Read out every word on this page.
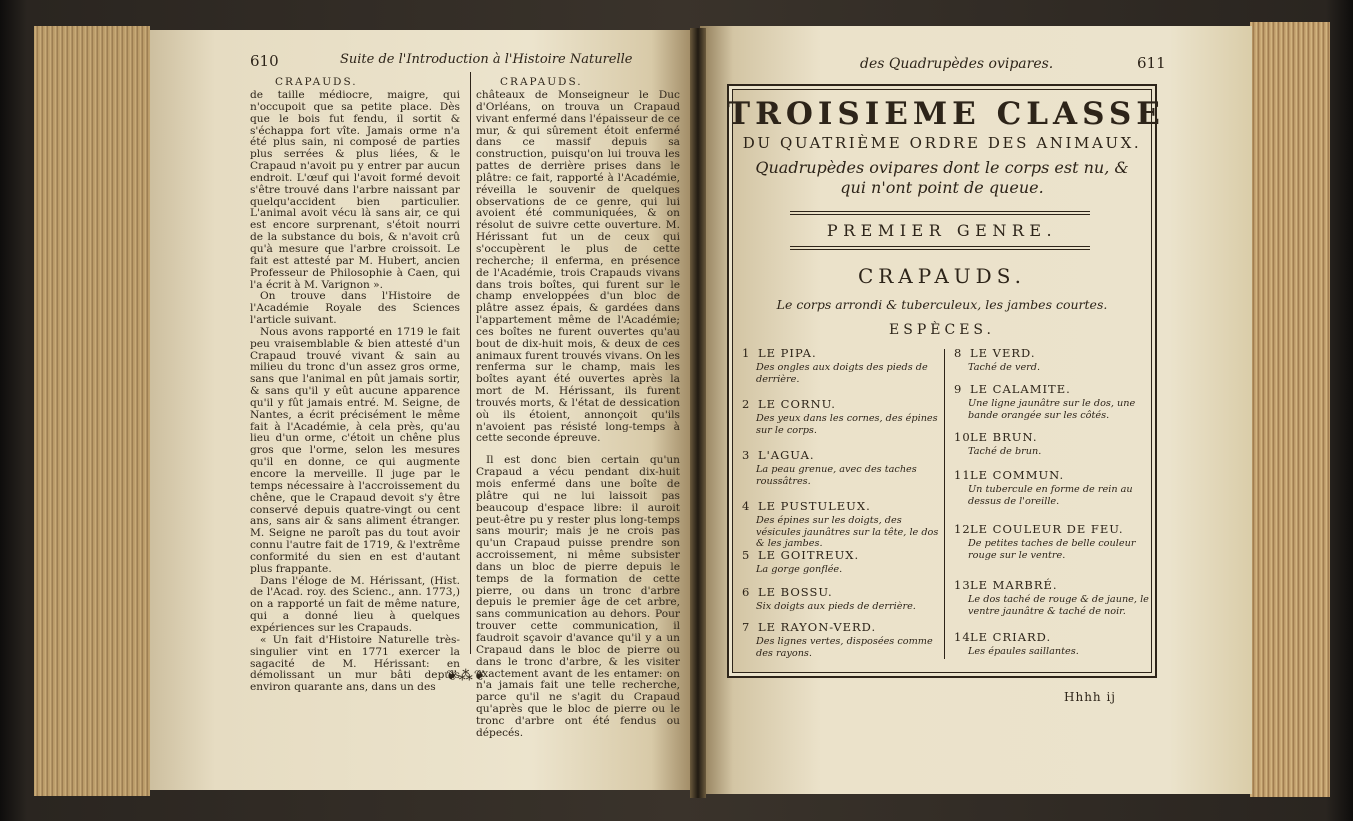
610	Suite de l'Introduction à l'Histoire Naturelle
CRAPAUDS.	CRAPAUDS.

de taille médiocre, maigre, qui n'occupoit que sa petite place. Dès que le bois fut fendu, il sortit & s'échappa fort vîte. Jamais orme n'a été plus sain, ni composé de parties plus serrées & plus liées, & le Crapaud n'avoit pu y entrer par aucun endroit. L'œuf qui l'avoit formé devoit s'être trouvé dans l'arbre naissant par quelqu'accident bien particulier. L'animal avoit vécu là sans air, ce qui est encore surprenant, s'étoit nourri de la substance du bois, & n'avoit crû qu'à mesure que l'arbre croissoit. Le fait est attesté par M. Hubert, ancien Professeur de Philosophie à Caen, qui l'a écrit à M. Varignon ».

On trouve dans l'Histoire de l'Académie Royale des Sciences l'article suivant.

Nous avons rapporté en 1719 le fait peu vraisemblable & bien attesté d'un Crapaud trouvé vivant & sain au milieu du tronc d'un assez gros orme, sans que l'animal en pût jamais sortir, & sans qu'il y eût aucune apparence qu'il y fût jamais entré. M. Seigne, de Nantes, a écrit précisément le même fait à l'Académie, à cela près, qu'au lieu d'un orme, c'étoit un chêne plus gros que l'orme, selon les mesures qu'il en donne, ce qui augmente encore la merveille. Il juge par le temps nécessaire à l'accroissement du chêne, que le Crapaud devoit s'y être conservé depuis quatre-vingt ou cent ans, sans air & sans aliment étranger. M. Seigne ne paroît pas du tout avoir connu l'autre fait de 1719, & l'extrême conformité du sien en est d'autant plus frappante.

Dans l'éloge de M. Hérissant, (Hist. de l'Acad. roy. des Scienc., ann. 1773,) on a rapporté un fait de même nature, qui a donné lieu à quelques expériences sur les Crapauds.

« Un fait d'Histoire Naturelle très-singulier vint en 1771 exercer la sagacité de M. Hérissant: en démolissant un mur bâti depuis environ quarante ans, dans un des

châteaux de Monseigneur le Duc d'Orléans, on trouva un Crapaud vivant enfermé dans l'épaisseur de ce mur, & qui sûrement étoit enfermé dans ce massif depuis sa construction, puisqu'on lui trouva les pattes de derrière prises dans le plâtre: ce fait, rapporté à l'Académie, réveilla le souvenir de quelques observations de ce genre, qui lui avoient été communiquées, & on résolut de suivre cette ouverture. M. Hérissant fut un de ceux qui s'occupèrent le plus de cette recherche; il enferma, en présence de l'Académie, trois Crapauds vivans dans trois boîtes, qui furent sur le champ enveloppées d'un bloc de plâtre assez épais, & gardées dans l'appartement même de l'Académie; ces boîtes ne furent ouvertes qu'au bout de dix-huit mois, & deux de ces animaux furent trouvés vivans. On les renferma sur le champ, mais les boîtes ayant été ouvertes après la mort de M. Hérissant, ils furent trouvés morts, & l'état de dessication où ils étoient, annonçoit qu'ils n'avoient pas résisté long-temps à cette seconde épreuve.

Il est donc bien certain qu'un Crapaud a vécu pendant dix-huit mois enfermé dans une boîte de plâtre qui ne lui laissoit pas beaucoup d'espace libre: il auroit peut-être pu y rester plus long-temps sans mourir; mais je ne crois pas qu'un Crapaud puisse prendre son accroissement, ni même subsister dans un bloc de pierre depuis le temps de la formation de cette pierre, ou dans un tronc d'arbre depuis le premier âge de cet arbre, sans communication au dehors. Pour trouver cette communication, il faudroit sçavoir d'avance qu'il y a un Crapaud dans le bloc de pierre ou dans le tronc d'arbre, & les visiter exactement avant de les entamer: on n'a jamais fait une telle recherche, parce qu'il ne s'agit du Crapaud qu'après que le bloc de pierre ou le tronc d'arbre ont été fendus ou dépecés.

❦⁂❦
des Quadrupèdes ovipares.	611
TROISIEME CLASSE
DU QUATRIÈME ORDRE DES ANIMAUX.
Quadrupèdes ovipares dont le corps est nu, & qui n'ont point de queue.
PREMIER GENRE.
CRAPAUDS.
Le corps arrondi & tuberculeux, les jambes courtes.
ESPÈCES.
1 LE PIPA.
Des ongles aux doigts des pieds de derrière.
2 LE CORNU.
Des yeux dans les cornes, des épines sur le corps.
3 L'AGUA.
La peau grenue, avec des taches roussâtres.
4 LE PUSTULEUX.
Des épines sur les doigts, des vésicules jaunâtres sur la tête, le dos & les jambes.
5 LE GOITREUX.
La gorge gonflée.
6 LE BOSSU.
Six doigts aux pieds de derrière.
7 LE RAYON-VERD.
Des lignes vertes, disposées comme des rayons.
8 LE VERD.
Taché de verd.
9 LE CALAMITE.
Une ligne jaunâtre sur le dos, une bande orangée sur les côtés.
10LE BRUN.
Taché de brun.
11LE COMMUN.
Un tubercule en forme de rein au dessus de l'oreille.
12LE COULEUR DE FEU.
De petites taches de belle couleur rouge sur le ventre.
13LE MARBRÉ.
Le dos taché de rouge & de jaune, le ventre jaunâtre & taché de noir.
14LE CRIARD.
Les épaules saillantes.
Hhhh ij
